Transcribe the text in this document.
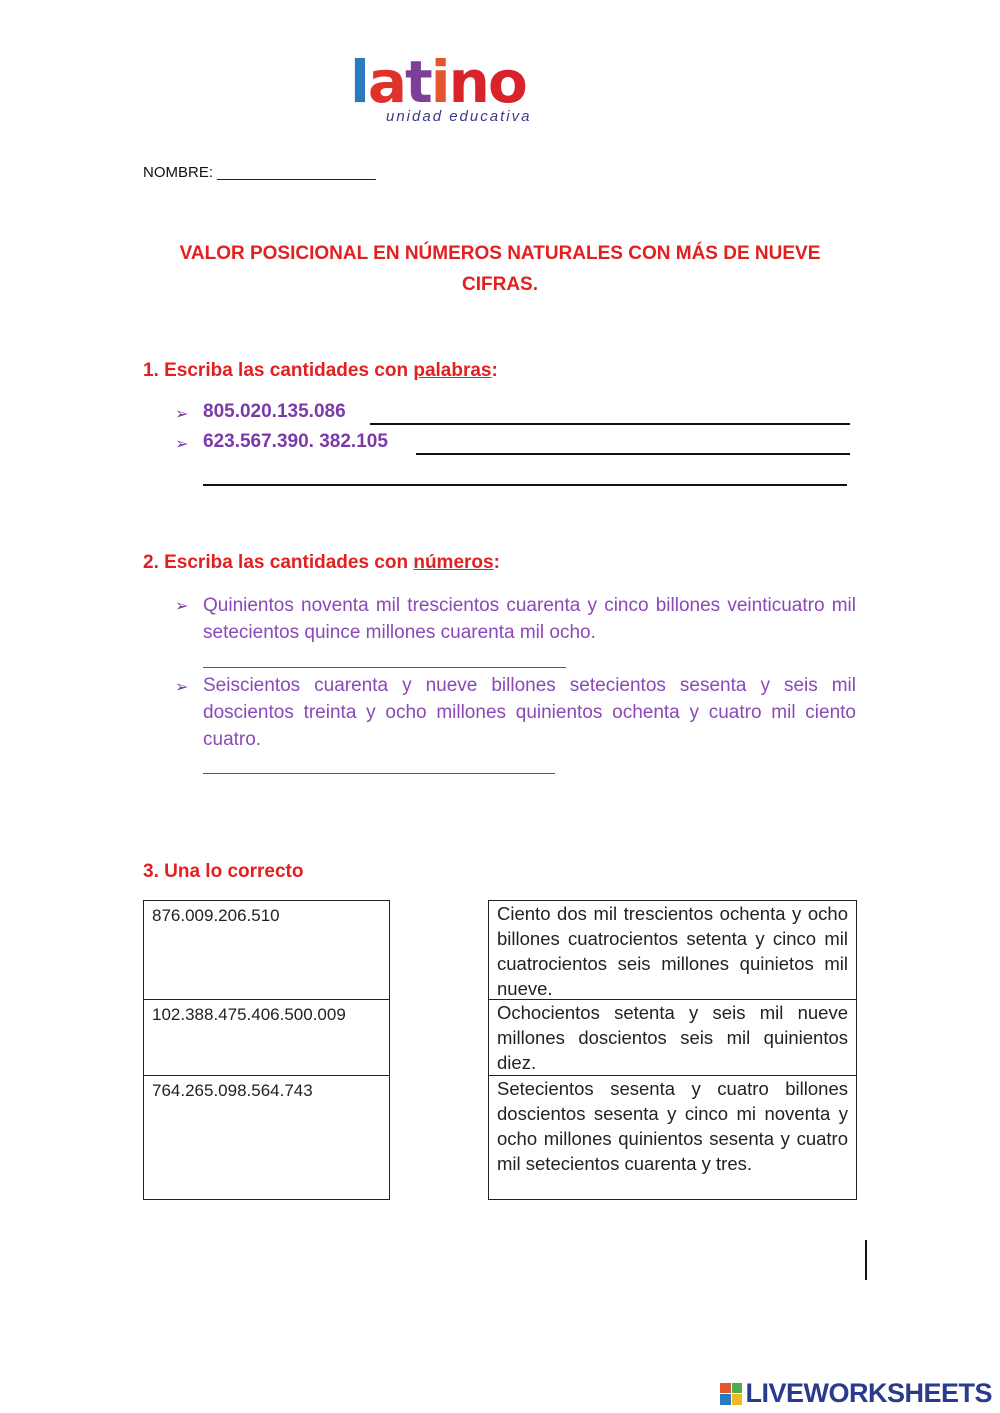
latino
unidad educativa
NOMBRE: ___________________
VALOR POSICIONAL EN NÚMEROS NATURALES CON MÁS DE NUEVE CIFRAS.
1. Escriba las cantidades con palabras:
➢ 805.020.135.086
➢ 623.567.390. 382.105
2. Escriba las cantidades con números:
➢ Quinientos noventa mil trescientos cuarenta y cinco billones veinticuatro mil setecientos quince millones cuarenta mil ocho.
➢ Seiscientos cuarenta y nueve billones setecientos sesenta y seis mil doscientos treinta y ocho millones quinientos ochenta y cuatro mil ciento cuatro.
3. Una lo correcto
876.009.206.510
102.388.475.406.500.009
764.265.098.564.743
Ciento dos mil trescientos ochenta y ocho billones cuatrocientos setenta y cinco mil cuatrocientos seis millones quinietos mil nueve.
Ochocientos setenta y seis mil nueve millones doscientos seis mil quinientos diez.
Setecientos sesenta y cuatro billones doscientos sesenta y cinco mi noventa y ocho millones quinientos sesenta y cuatro mil setecientos cuarenta y tres.
LIVEWORKSHEETS
